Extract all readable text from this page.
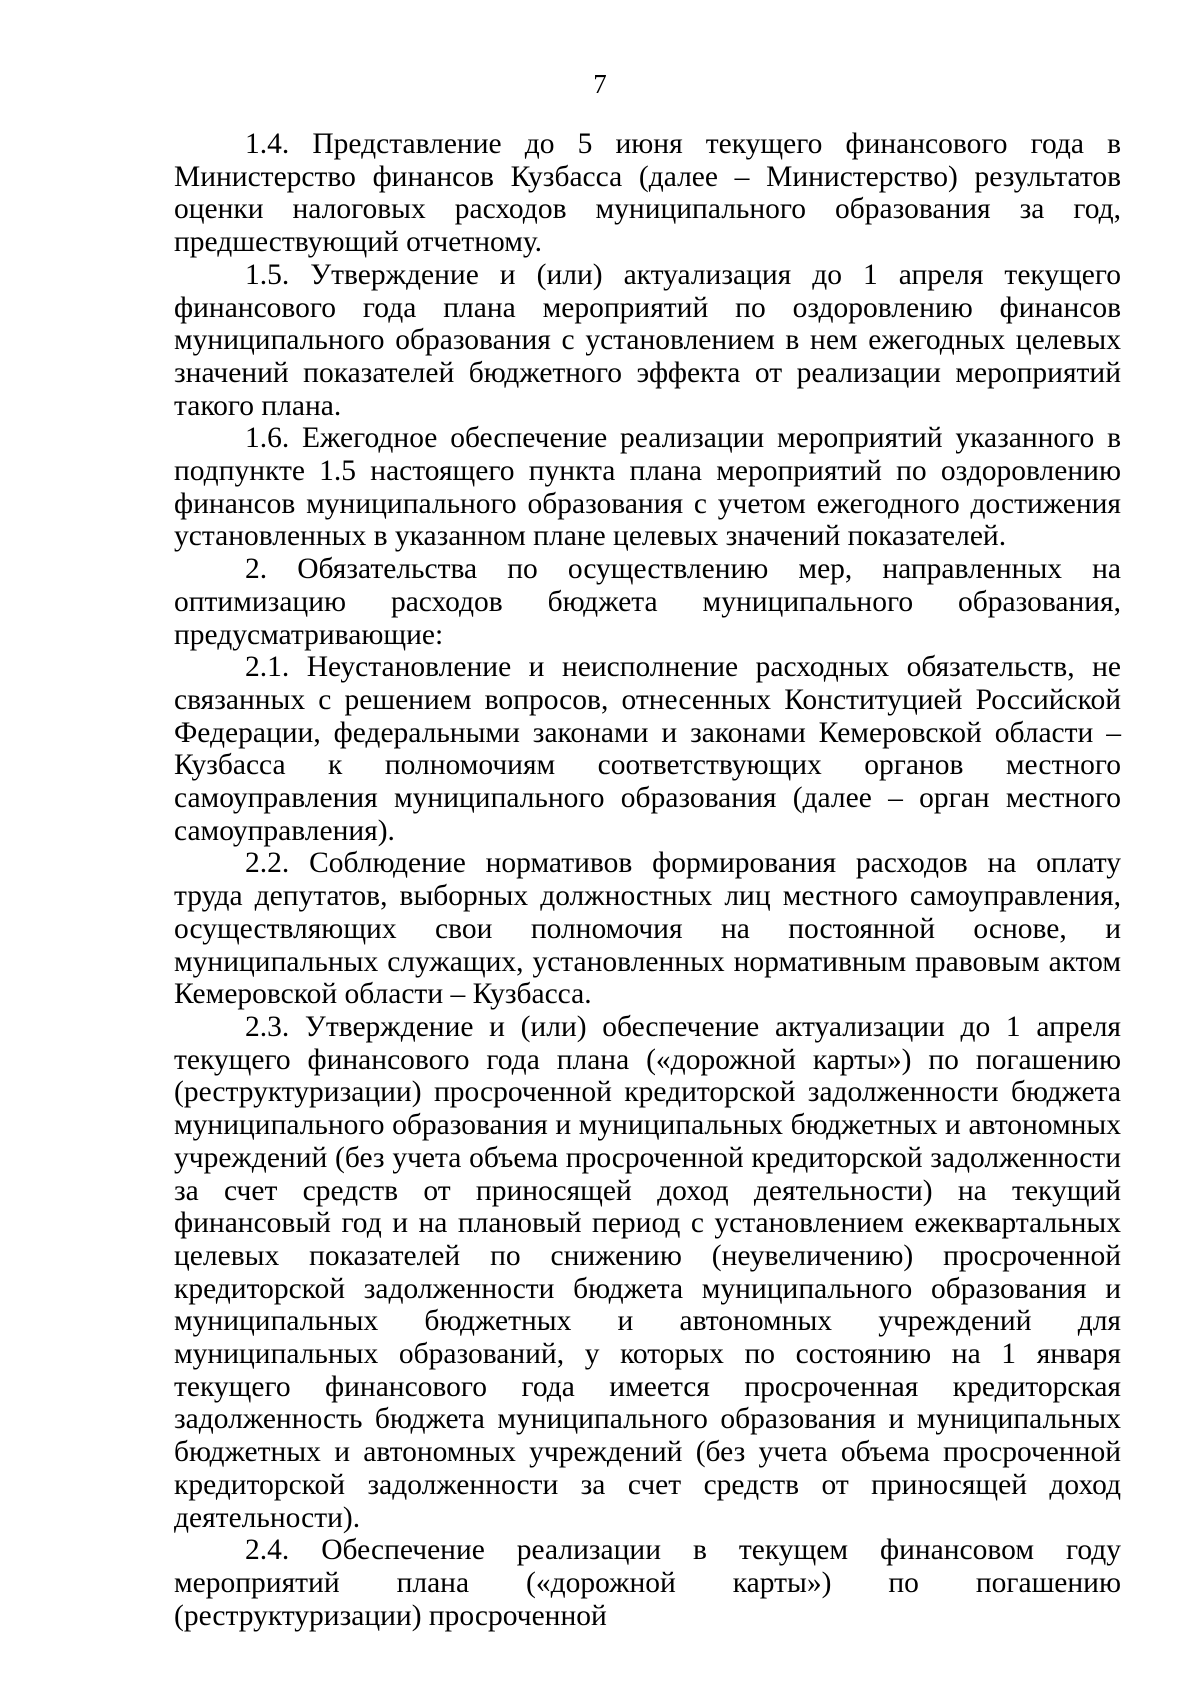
7

1.4. Представление до 5 июня текущего финансового года в Министерство финансов Кузбасса (далее – Министерство) результатов оценки налоговых расходов муниципального образования за год, предшествующий отчетному.

1.5. Утверждение и (или) актуализация до 1 апреля текущего финансового года плана мероприятий по оздоровлению финансов муниципального образования с установлением в нем ежегодных целевых значений показателей бюджетного эффекта от реализации мероприятий такого плана.

1.6. Ежегодное обеспечение реализации мероприятий указанного в подпункте 1.5 настоящего пункта плана мероприятий по оздоровлению финансов муниципального образования с учетом ежегодного достижения установленных в указанном плане целевых значений показателей.

2. Обязательства по осуществлению мер, направленных на оптимизацию расходов бюджета муниципального образования, предусматривающие:

2.1. Неустановление и неисполнение расходных обязательств, не связанных с решением вопросов, отнесенных Конституцией Российской Федерации, федеральными законами и законами Кемеровской области – Кузбасса к полномочиям соответствующих органов местного самоуправления муниципального образования (далее – орган местного самоуправления).

2.2. Соблюдение нормативов формирования расходов на оплату труда депутатов, выборных должностных лиц местного самоуправления, осуществляющих свои полномочия на постоянной основе, и муниципальных служащих, установленных нормативным правовым актом Кемеровской области – Кузбасса.

2.3. Утверждение и (или) обеспечение актуализации до 1 апреля текущего финансового года плана («дорожной карты») по погашению (реструктуризации) просроченной кредиторской задолженности бюджета муниципального образования и муниципальных бюджетных и автономных учреждений (без учета объема просроченной кредиторской задолженности за счет средств от приносящей доход деятельности) на текущий финансовый год и на плановый период с установлением ежеквартальных целевых показателей по снижению (неувеличению) просроченной кредиторской задолженности бюджета муниципального образования и муниципальных бюджетных и автономных учреждений для муниципальных образований, у которых по состоянию на 1 января текущего финансового года имеется просроченная кредиторская задолженность бюджета муниципального образования и муниципальных бюджетных и автономных учреждений (без учета объема просроченной кредиторской задолженности за счет средств от приносящей доход деятельности).

2.4. Обеспечение реализации в текущем финансовом году мероприятий плана («дорожной карты») по погашению (реструктуризации) просроченной
